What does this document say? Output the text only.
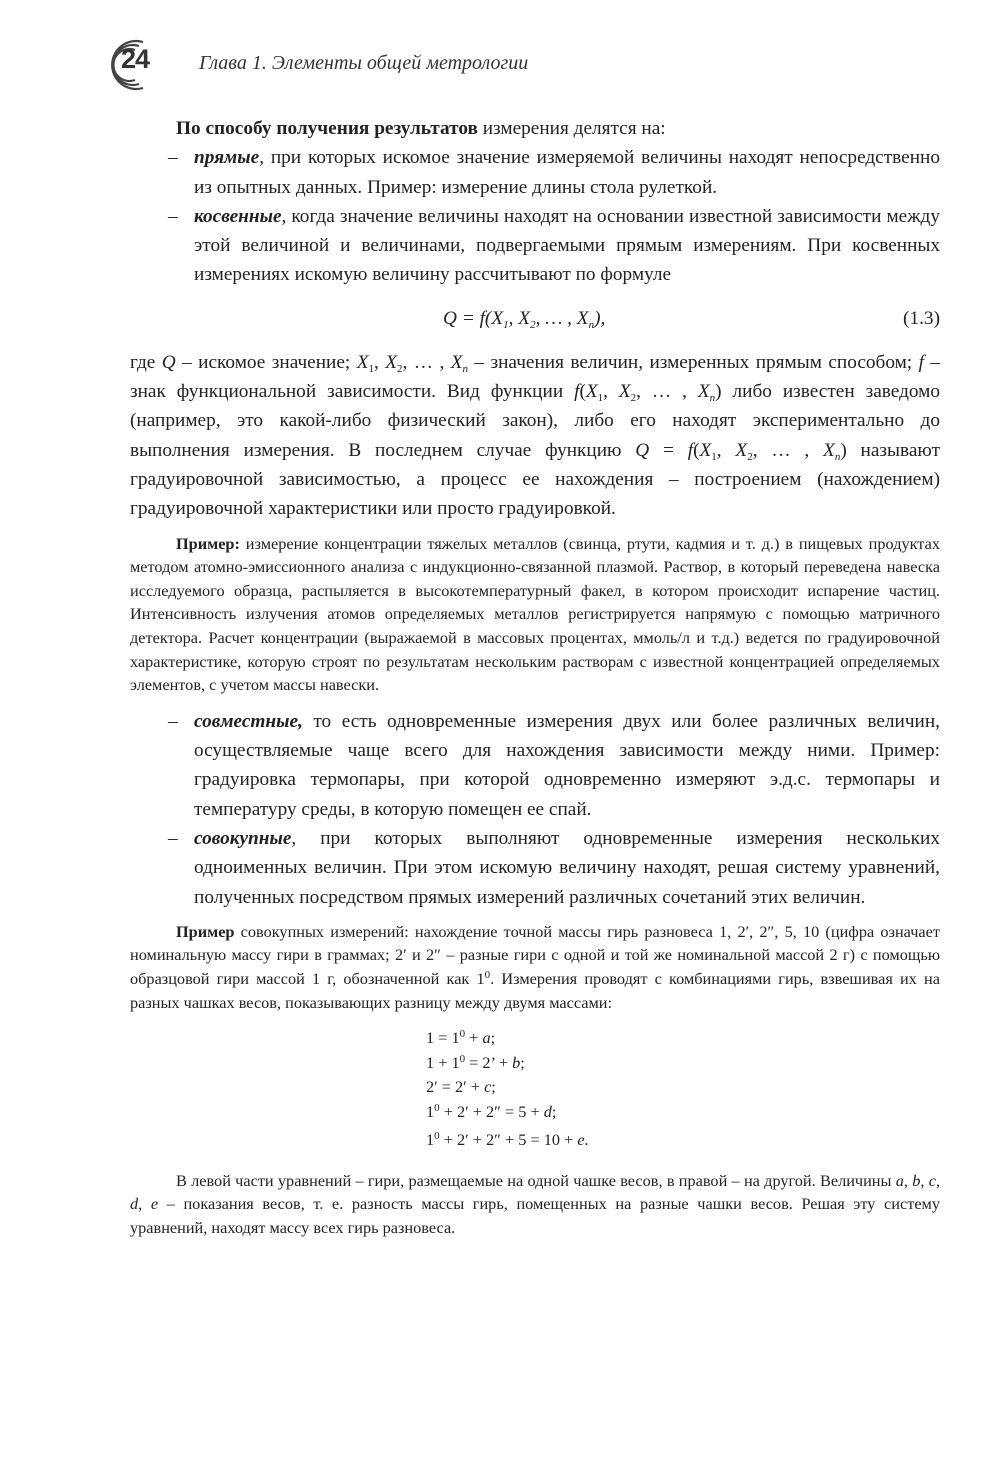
24 Глава 1. Элементы общей метрологии

По способу получения результатов измерения делятся на:

– прямые, при которых искомое значение измеряемой величины находят непосредственно из опытных данных. Пример: измерение длины стола рулеткой.

– косвенные, когда значение величины находят на основании известной зависимости между этой величиной и величинами, подвергаемыми прямым измерениям. При косвенных измерениях искомую величину рассчитывают по формуле

$Q = f(X_1$, $X_2$, … , $X_n$),	(1.3)

где Q – искомое значение; $X_1$, $X_2$, … , $X_n$ – значения величин, измеренных прямым способом; f – знак функциональной зависимости. Вид функции $f(X_1$, $X_2$, … , $X_n$) либо известен заведомо (например, это какой-либо физический закон), либо его находят экспериментально до выполнения измерения. В последнем случае функцию $Q = f(X_1$, $X_2$, … , $X_n$) называют градуировочной зависимостью, а процесс ее нахождения – построением (нахождением) градуировочной характеристики или просто градуировкой.

Пример: измерение концентрации тяжелых металлов (свинца, ртути, кадмия и т. д.) в пищевых продуктах методом атомно-эмиссионного анализа с индукционно-связанной плазмой. Раствор, в который переведена навеска исследуемого образца, распыляется в высокотемпературный факел, в котором происходит испарение частиц. Интенсивность излучения атомов определяемых металлов регистрируется напрямую с помощью матричного детектора. Расчет концентрации (выражаемой в массовых процентах, ммоль/л и т.д.) ведется по градуировочной характеристике, которую строят по результатам нескольким растворам с известной концентрацией определяемых элементов, с учетом массы навески.

– совместные, то есть одновременные измерения двух или более различных величин, осуществляемые чаще всего для нахождения зависимости между ними. Пример: градуировка термопары, при которой одновременно измеряют э.д.с. термопары и температуру среды, в которую помещен ее спай.

– совокупные, при которых выполняют одновременные измерения нескольких одноименных величин. При этом искомую величину находят, решая систему уравнений, полученных посредством прямых измерений различных сочетаний этих величин.

Пример совокупных измерений: нахождение точной массы гирь разновеса 1, 2′, 2″, 5, 10 (цифра означает номинальную массу гири в граммах; 2′ и 2″ – разные гири с одной и той же номинальной массой 2 г) с помощью образцовой гири массой 1 г, обозначенной как $1^0$. Измерения проводят с комбинациями гирь, взвешивая их на разных чашках весов, показывающих разницу между двумя массами:

$1 = 1^0 + a$;
$1 + 1^0 = 2$’ + b;
2′ = 2′ + c;
$1^0 + 2' + 2'' = 5 + d$;
$1^0 + 2' + 2'' + 5 = 10 + e$.

В левой части уравнений – гири, размещаемые на одной чашке весов, в правой – на другой. Величины a, b, c, d, e – показания весов, т. е. разность массы гирь, помещенных на разные чашки весов. Решая эту систему уравнений, находят массу всех гирь разновеса.
